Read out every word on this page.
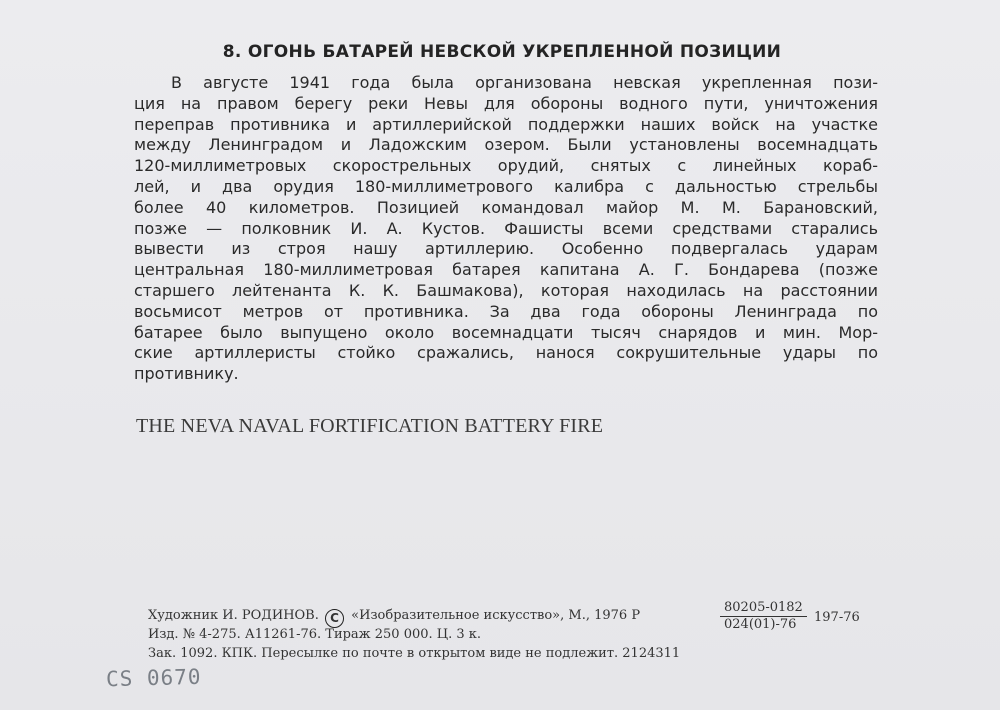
8. ОГОНЬ БАТАРЕЙ НЕВСКОЙ УКРЕПЛЕННОЙ ПОЗИЦИИ
В августе 1941 года была организована невская укрепленная пози-
ция на правом берегу реки Невы для обороны водного пути, уничтожения
переправ противника и артиллерийской поддержки наших войск на участке
между Ленинградом и Ладожским озером. Были установлены восемнадцать
120-миллиметровых скорострельных орудий, снятых с линейных кораб-
лей, и два орудия 180-миллиметрового калибра с дальностью стрельбы
более 40 километров. Позицией командовал майор М. М. Барановский,
позже — полковник И. А. Кустов. Фашисты всеми средствами старались
вывести из строя нашу артиллерию. Особенно подвергалась ударам
центральная 180-миллиметровая батарея капитана А. Г. Бондарева (позже
старшего лейтенанта К. К. Башмакова), которая находилась на расстоянии
восьмисот метров от противника. За два года обороны Ленинграда по
батарее было выпущено около восемнадцати тысяч снарядов и мин. Мор-
ские артиллеристы стойко сражались, нанося сокрушительные удары по
противнику.
THE NEVA NAVAL FORTIFICATION BATTERY FIRE
Художник И. РОДИНОВ. C «Изобразительное искусство», М., 1976 Р	$\frac{80205-0182}{024(01)-76} 197-76$
Изд. № 4-275. А11261-76. Тираж 250 000. Ц. 3 к.
Зак. 1092. КПК. Пересылке по почте в открытом виде не подлежит. 2124311
CS 0670
